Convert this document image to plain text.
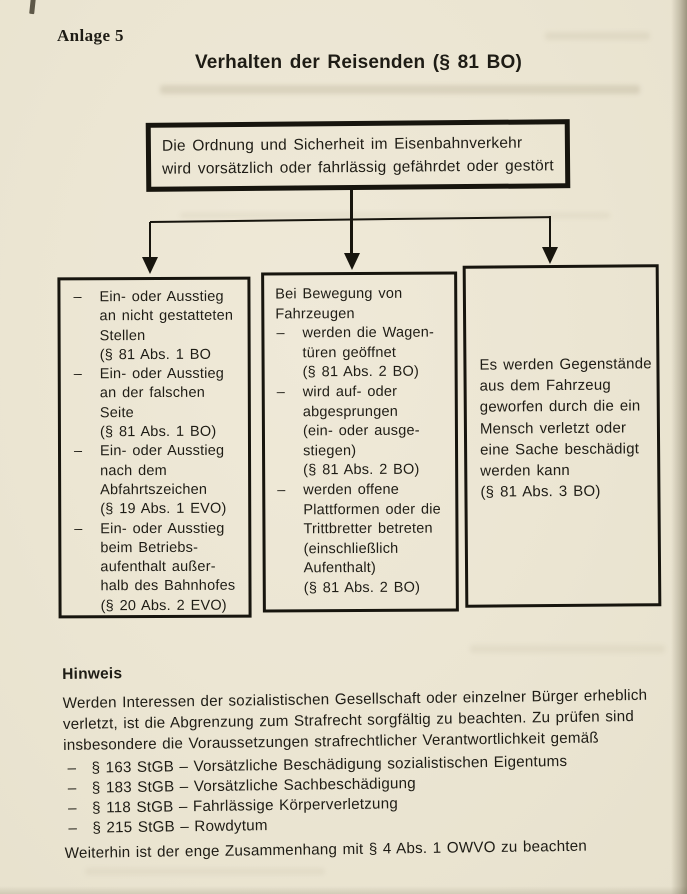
Anlage 5
Verhalten der Reisenden (§ 81 BO)
Die Ordnung und Sicherheit im Eisenbahnverkehr
wird vorsätzlich oder fahrlässig gefährdet oder gestört
–	Ein- oder Ausstieg
an nicht gestatteten
Stellen
(§ 81 Abs. 1 BO
–	Ein- oder Ausstieg
an der falschen
Seite
(§ 81 Abs. 1 BO)
–	Ein- oder Ausstieg
nach dem
Abfahrtszeichen
(§ 19 Abs. 1 EVO)
–	Ein- oder Ausstieg
beim Betriebs-
aufenthalt außer-
halb des Bahnhofes
(§ 20 Abs. 2 EVO)
Bei Bewegung von
Fahrzeugen
–	werden die Wagen-
türen geöffnet
(§ 81 Abs. 2 BO)
–	wird auf- oder
abgesprungen
(ein- oder ausge-
stiegen)
(§ 81 Abs. 2 BO)
–	werden offene
Plattformen oder die
Trittbretter betreten
(einschließlich
Aufenthalt)
(§ 81 Abs. 2 BO)
Es werden Gegenstände
aus dem Fahrzeug
geworfen durch die ein
Mensch verletzt oder
eine Sache beschädigt
werden kann
(§ 81 Abs. 3 BO)
Hinweis
Werden Interessen der sozialistischen Gesellschaft oder einzelner Bürger erheblich
verletzt, ist die Abgrenzung zum Strafrecht sorgfältig zu beachten. Zu prüfen sind
insbesondere die Voraussetzungen strafrechtlicher Verantwortlichkeit gemäß
– § 163 StGB – Vorsätzliche Beschädigung sozialistischen Eigentums
– § 183 StGB – Vorsätzliche Sachbeschädigung
– § 118 StGB – Fahrlässige Körperverletzung
– § 215 StGB – Rowdytum
Weiterhin ist der enge Zusammenhang mit § 4 Abs. 1 OWVO zu beachten
